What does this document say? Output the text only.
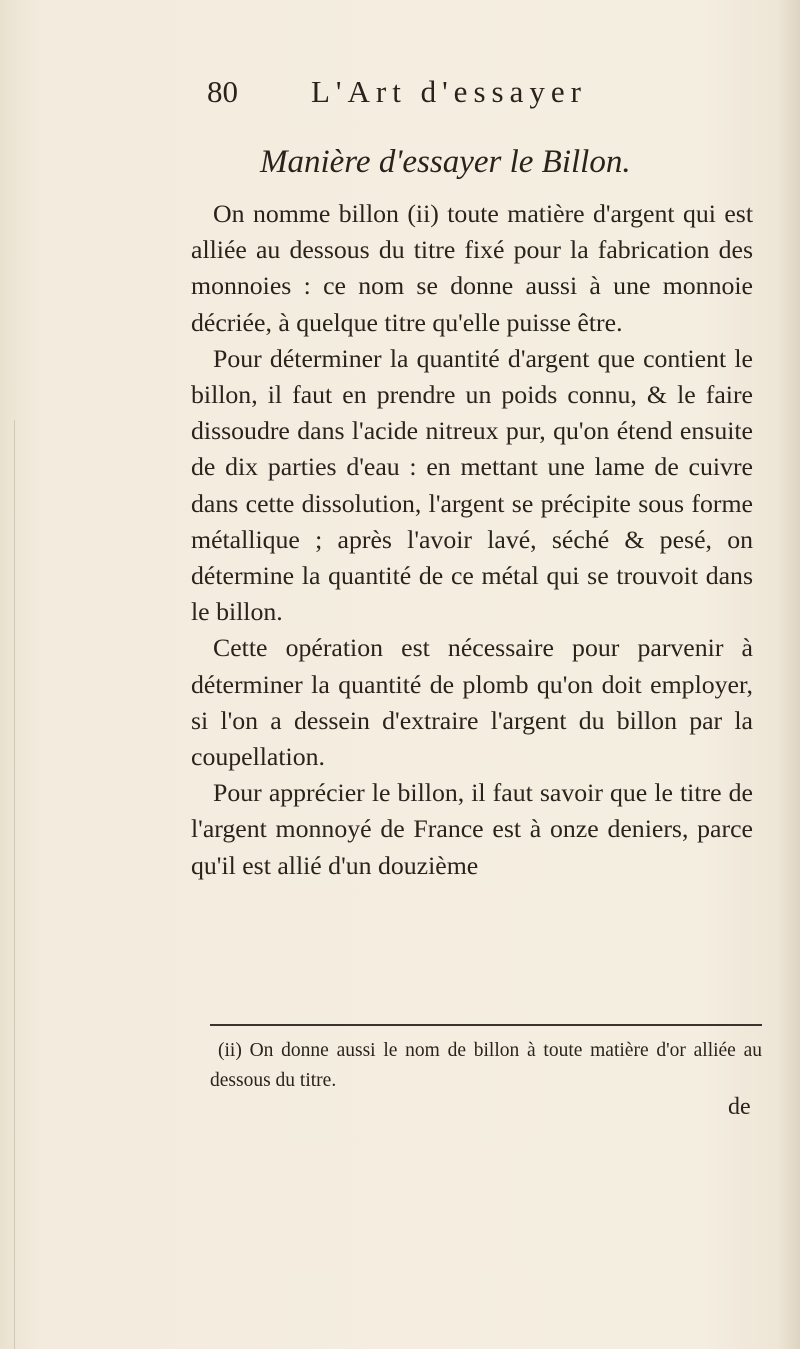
80 L'Art d'essayer
Manière d'essayer le Billon.

On nomme billon (ii) toute matière d'argent qui est alliée au dessous du titre fixé pour la fabrication des monnoies : ce nom se donne aussi à une monnoie décriée, à quelque titre qu'elle puisse être.

Pour déterminer la quantité d'argent que contient le billon, il faut en prendre un poids connu, & le faire dissoudre dans l'acide nitreux pur, qu'on étend ensuite de dix parties d'eau : en mettant une lame de cuivre dans cette dissolution, l'argent se précipite sous forme métallique ; après l'avoir lavé, séché & pesé, on détermine la quantité de ce métal qui se trouvoit dans le billon.

Cette opération est nécessaire pour parvenir à déterminer la quantité de plomb qu'on doit employer, si l'on a dessein d'extraire l'argent du billon par la coupellation.

Pour apprécier le billon, il faut savoir que le titre de l'argent monnoyé de France est à onze deniers, parce qu'il est allié d'un douzième

(ii) On donne aussi le nom de billon à toute matière d'or alliée au dessous du titre.

de
